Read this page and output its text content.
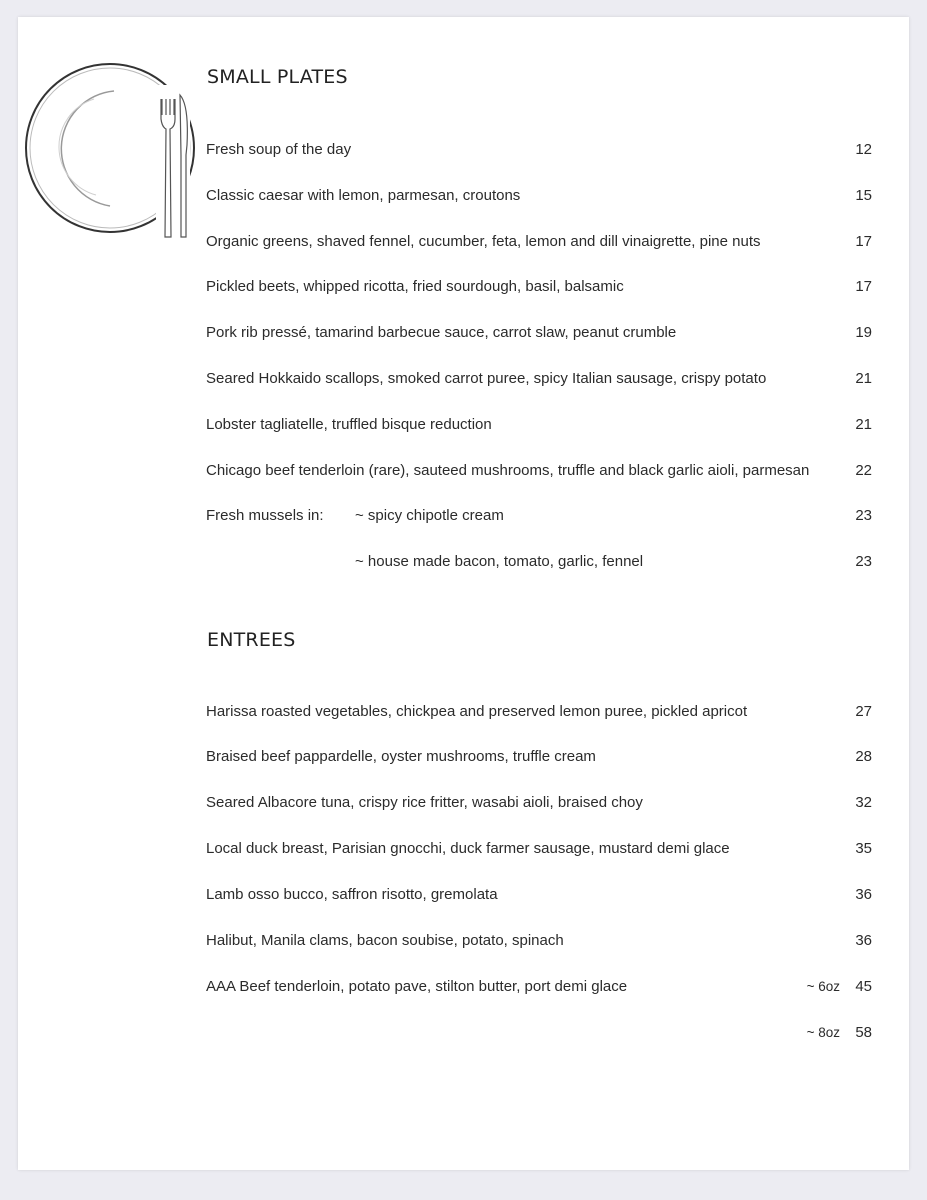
SMALL PLATES
Fresh soup of the day	12
Classic caesar with lemon, parmesan, croutons	15
Organic greens, shaved fennel, cucumber, feta, lemon and dill vinaigrette, pine nuts	17
Pickled beets, whipped ricotta, fried sourdough, basil, balsamic	17
Pork rib pressé, tamarind barbecue sauce, carrot slaw, peanut crumble	19
Seared Hokkaido scallops, smoked carrot puree, spicy Italian sausage, crispy potato	21
Lobster tagliatelle, truffled bisque reduction	21
Chicago beef tenderloin (rare), sauteed mushrooms, truffle and black garlic aioli, parmesan	22
Fresh mussels in: ~ spicy chipotle cream	23
~ house made bacon, tomato, garlic, fennel	23
ENTREES
Harissa roasted vegetables, chickpea and preserved lemon puree, pickled apricot	27
Braised beef pappardelle, oyster mushrooms, truffle cream	28
Seared Albacore tuna, crispy rice fritter, wasabi aioli, braised choy	32
Local duck breast, Parisian gnocchi, duck farmer sausage, mustard demi glace	35
Lamb osso bucco, saffron risotto, gremolata	36
Halibut, Manila clams, bacon soubise, potato, spinach	36
AAA Beef tenderloin, potato pave, stilton butter, port demi glace	~ 6oz 45
~ 8oz 58
